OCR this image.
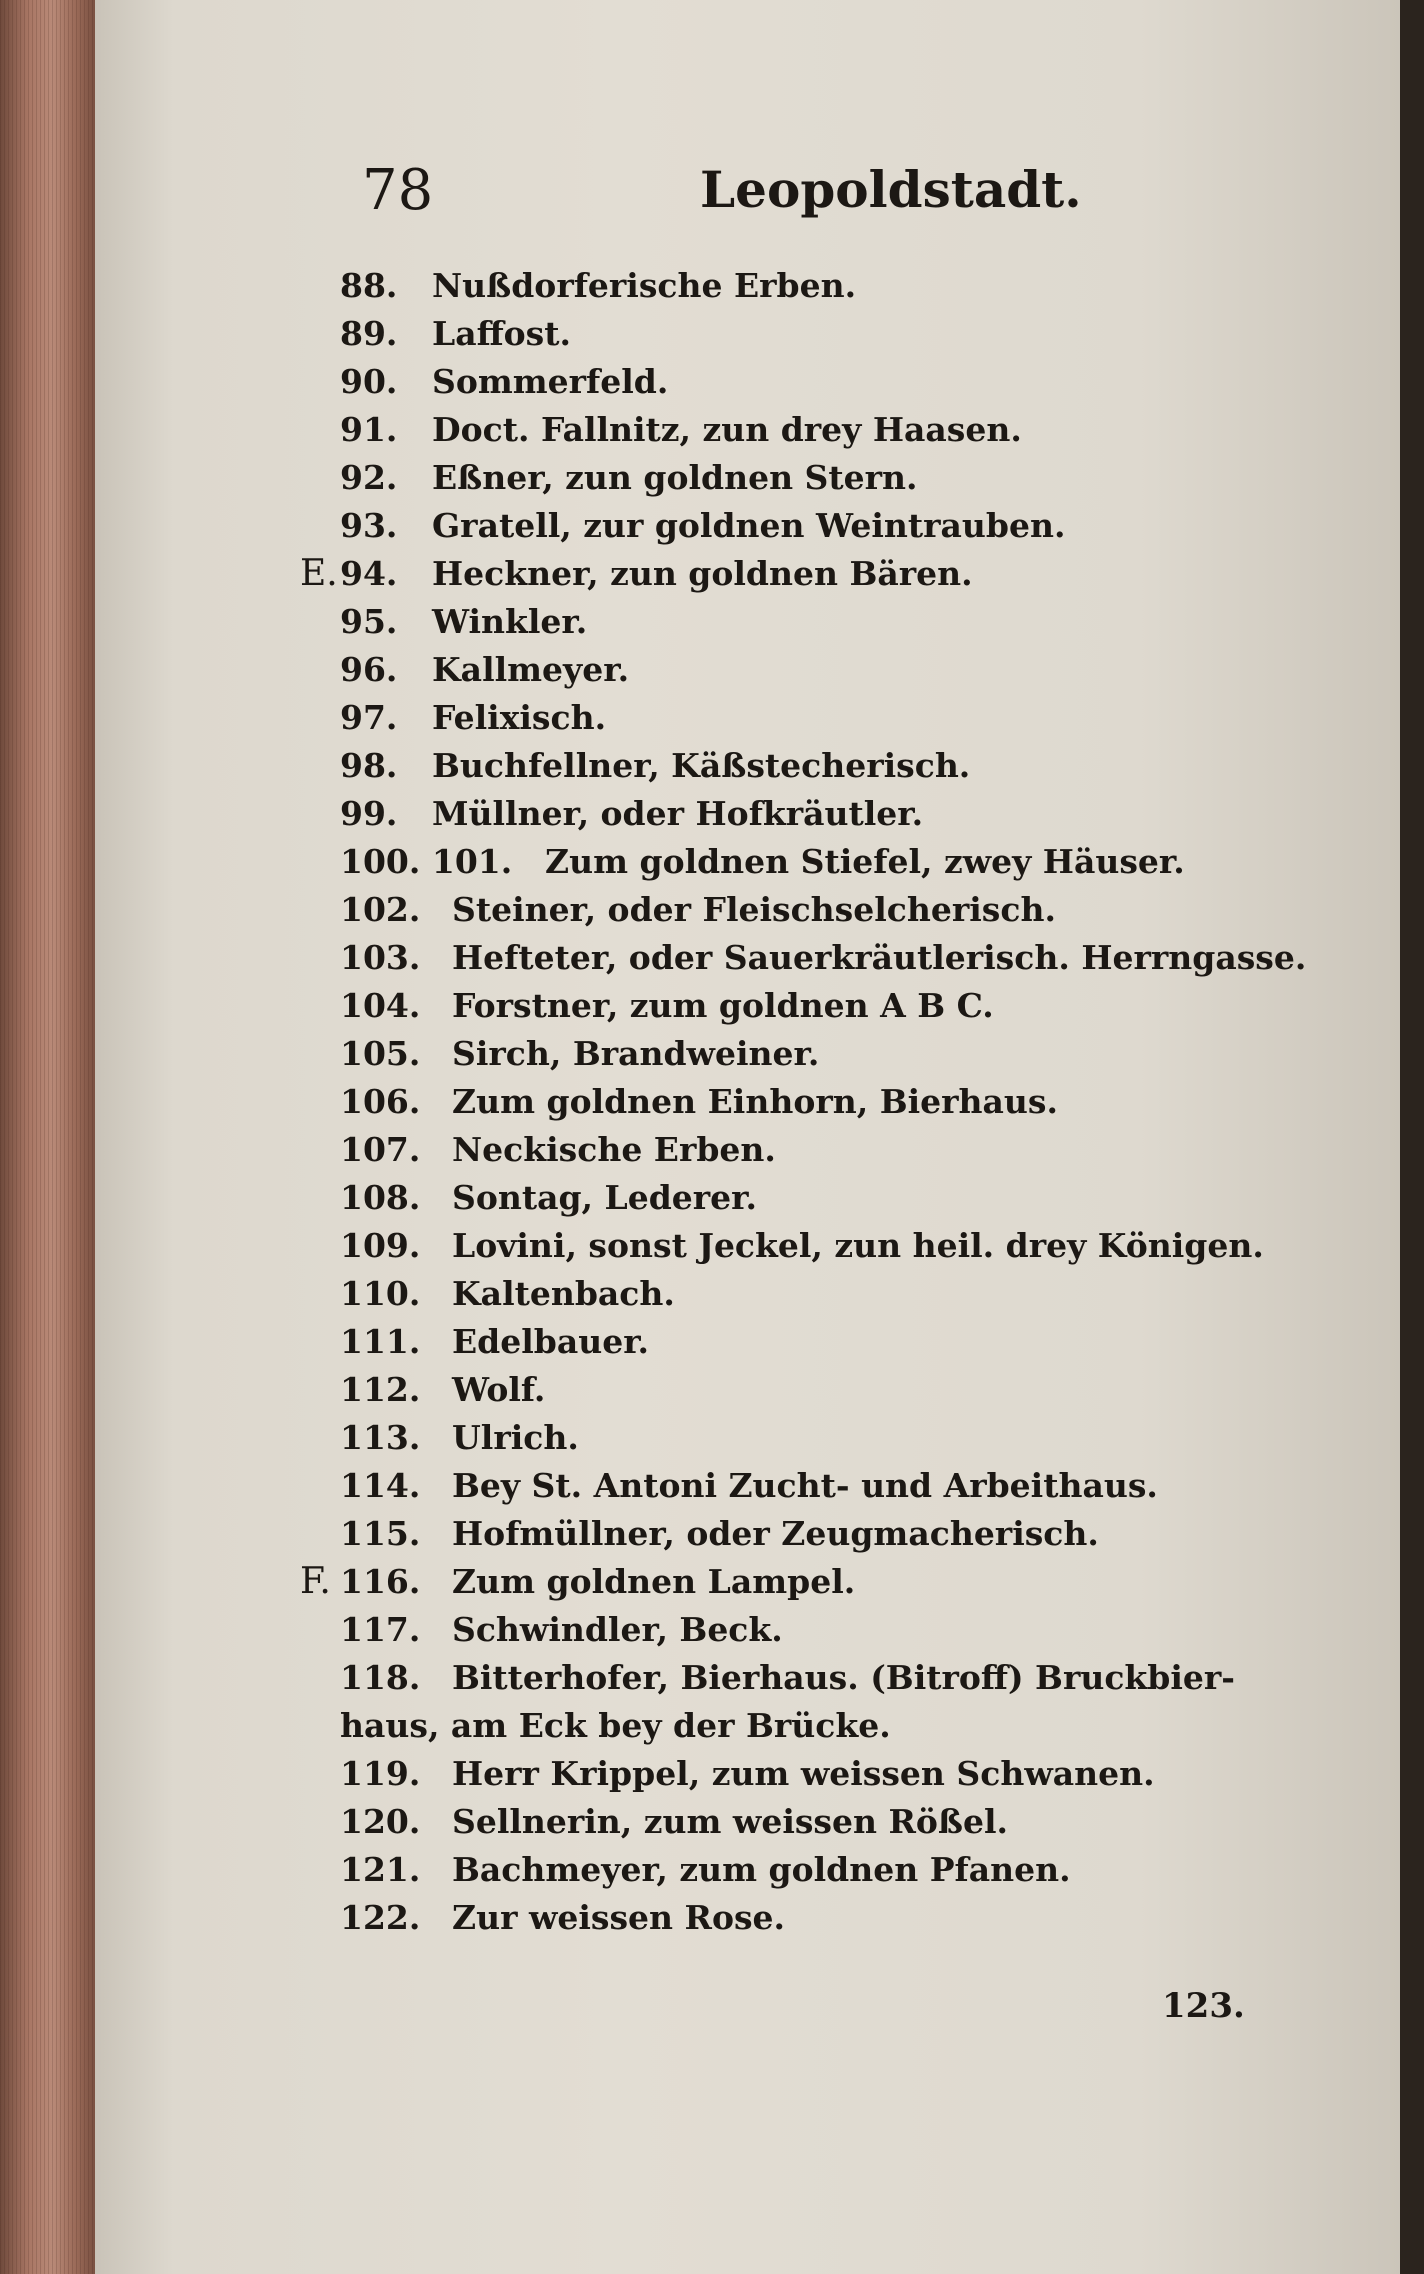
78	Leopoldstadt.
88. Nußdorferische Erben.
89. Laffost.
90. Sommerfeld.
91. Doct. Fallnitz, zun drey Haasen.
92. Eßner, zun goldnen Stern.
93. Gratell, zur goldnen Weintrauben.
E. 94. Heckner, zun goldnen Bären.
95. Winkler.
96. Kallmeyer.
97. Felixisch.
98. Buchfellner, Käßstecherisch.
99. Müllner, oder Hofkräutler.
100. 101. Zum goldnen Stiefel, zwey Häuser.
102. Steiner, oder Fleischselcherisch.
103. Hefteter, oder Sauerkräutlerisch. Herrngasse.
104. Forstner, zum goldnen A B C.
105. Sirch, Brandweiner.
106. Zum goldnen Einhorn, Bierhaus.
107. Neckische Erben.
108. Sontag, Lederer.
109. Lovini, sonst Jeckel, zun heil. drey Königen.
110. Kaltenbach.
111. Edelbauer.
112. Wolf.
113. Ulrich.
114. Bey St. Antoni Zucht- und Arbeithaus.
115. Hofmüllner, oder Zeugmacherisch.
F. 116. Zum goldnen Lampel.
117. Schwindler, Beck.
118. Bitterhofer, Bierhaus. (Bitroff) Bruckbier-
haus, am Eck bey der Brücke.
119. Herr Krippel, zum weissen Schwanen.
120. Sellnerin, zum weissen Rößel.
121. Bachmeyer, zum goldnen Pfanen.
122. Zur weissen Rose.
123.
